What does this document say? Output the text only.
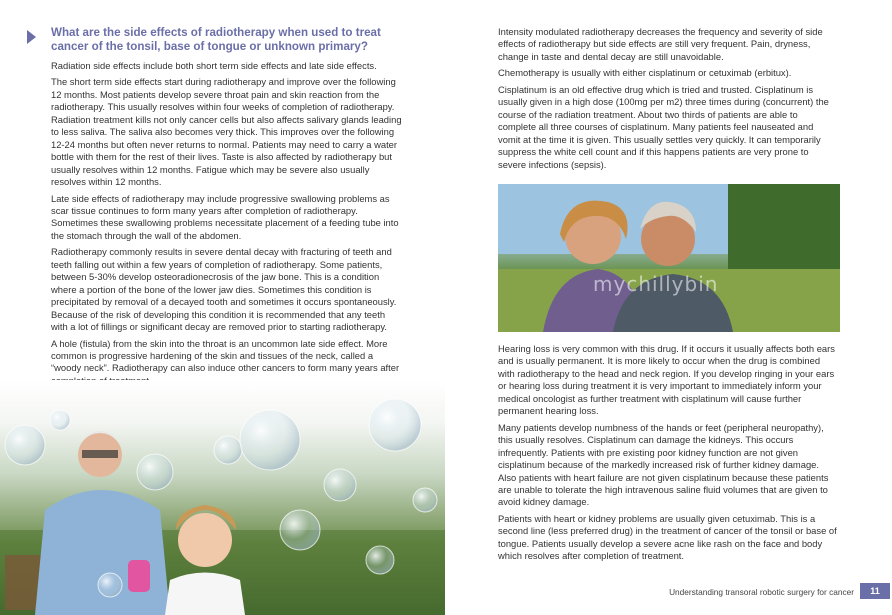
What are the side effects of radiotherapy when used to treat cancer of the tonsil, base of tongue or unknown primary?

Radiation side effects include both short term side effects and late side effects.

The short term side effects start during radiotherapy and improve over the following 12 months. Most patients develop severe throat pain and skin reaction from the radiotherapy. This usually resolves within four weeks of completion of radiotherapy. Radiation treatment kills not only cancer cells but also affects salivary glands leading to less saliva. The saliva also becomes very thick. This improves over the following 12-24 months but often never returns to normal. Patients may need to carry a water bottle with them for the rest of their lives. Taste is also affected by radiotherapy but usually resolves within 12 months. Fatigue which may be severe also usually resolves within 12 months.

Late side effects of radiotherapy may include progressive swallowing problems as scar tissue continues to form many years after completion of radiotherapy. Sometimes these swallowing problems necessitate placement of a feeding tube into the stomach through the wall of the abdomen.

Radiotherapy commonly results in severe dental decay with fracturing of teeth and teeth falling out within a few years of completion of radiotherapy. Some patients, between 5-30% develop osteoradionecrosis of the jaw bone. This is a condition where a portion of the bone of the lower jaw dies. Sometimes this condition is precipitated by removal of a decayed tooth and sometimes it occurs spontaneously. Because of the risk of developing this condition it is recommended that any teeth with a lot of fillings or significant decay are removed prior to starting radiotherapy.

A hole (fistula) from the skin into the throat is an uncommon late side effect. More common is progressive hardening of the skin and tissues of the neck, called a “woody neck”. Radiotherapy can also induce other cancers to form many years after

Intensity modulated radiotherapy decreases the frequency and severity of side effects of radiotherapy but side effects are still very frequent. Pain, dryness, change in taste and dental decay are still unavoidable.

Chemotherapy is usually with either cisplatinum or cetuximab (erbitux).

Cisplatinum is an old effective drug which is tried and trusted. Cisplatinum is usually given in a high dose (100mg per m2) three times during (concurrent) the course of the radiation treatment. About two thirds of patients are able to complete all three courses of cisplatinum. Many patients feel nauseated and vomit at the time it is given. This usually settles very quickly. It can temporarily suppress the white cell count and if this happens patients are very prone to severe infections (sepsis).

mychillybin

Hearing loss is very common with this drug. If it occurs it usually affects both ears and is usually permanent. It is more likely to occur when the drug is combined with radiotherapy to the head and neck region. If you develop ringing in your ears or hearing loss during treatment it is very important to immediately inform your medical oncologist as further treatment with cisplatinum will cause further permanent hearing loss.

Many patients develop numbness of the hands or feet (peripheral neuropathy), this usually resolves. Cisplatinum can damage the kidneys. This occurs infrequently. Patients with pre existing poor kidney function are not given cisplatinum because of the markedly increased risk of further kidney damage. Also patients with heart failure are not given cisplatinum because these patients are unable to tolerate the high intravenous saline fluid volumes that are given to avoid kidney damage.

Patients with heart or kidney problems are usually given cetuximab. This is a second line (less preferred drug) in the treatment of cancer of the tonsil or base of tongue. Patients usually develop a severe acne like rash on the face and body which resolves after completion of treatment.

Understanding transoral robotic surgery for cancer	11
